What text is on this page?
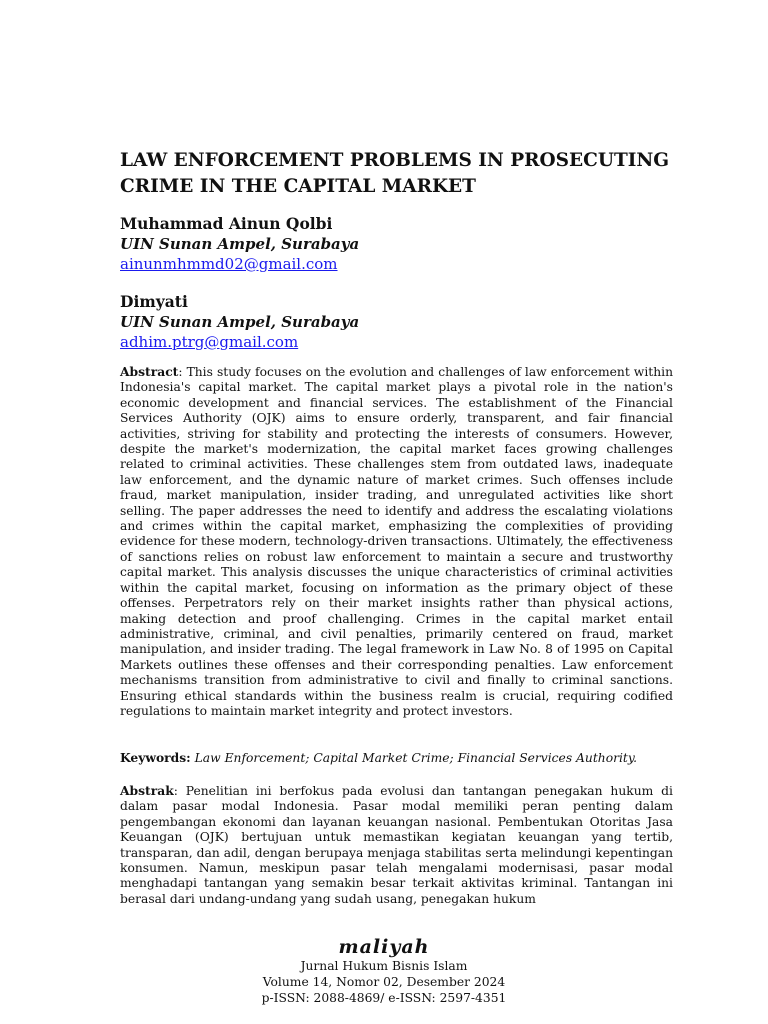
LAW ENFORCEMENT PROBLEMS IN PROSECUTING CRIME IN THE CAPITAL MARKET
Muhammad Ainun Qolbi
UIN Sunan Ampel, Surabaya
ainunmhmmd02@gmail.com
Dimyati
UIN Sunan Ampel, Surabaya
adhim.ptrg@gmail.com

Abstract: This study focuses on the evolution and challenges of law enforcement within Indonesia's capital market. The capital market plays a pivotal role in the nation's economic development and financial services. The establishment of the Financial Services Authority (OJK) aims to ensure orderly, transparent, and fair financial activities, striving for stability and protecting the interests of consumers. However, despite the market's modernization, the capital market faces growing challenges related to criminal activities. These challenges stem from outdated laws, inadequate law enforcement, and the dynamic nature of market crimes. Such offenses include fraud, market manipulation, insider trading, and unregulated activities like short selling. The paper addresses the need to identify and address the escalating violations and crimes within the capital market, emphasizing the complexities of providing evidence for these modern, technology-driven transactions. Ultimately, the effectiveness of sanctions relies on robust law enforcement to maintain a secure and trustworthy capital market. This analysis discusses the unique characteristics of criminal activities within the capital market, focusing on information as the primary object of these offenses. Perpetrators rely on their market insights rather than physical actions, making detection and proof challenging. Crimes in the capital market entail administrative, criminal, and civil penalties, primarily centered on fraud, market manipulation, and insider trading. The legal framework in Law No. 8 of 1995 on Capital Markets outlines these offenses and their corresponding penalties. Law enforcement mechanisms transition from administrative to civil and finally to criminal sanctions. Ensuring ethical standards within the business realm is crucial, requiring codified regulations to maintain market integrity and protect investors.

Keywords: Law Enforcement; Capital Market Crime; Financial Services Authority.

Abstrak: Penelitian ini berfokus pada evolusi dan tantangan penegakan hukum di dalam pasar modal Indonesia. Pasar modal memiliki peran penting dalam pengembangan ekonomi dan layanan keuangan nasional. Pembentukan Otoritas Jasa Keuangan (OJK) bertujuan untuk memastikan kegiatan keuangan yang tertib, transparan, dan adil, dengan berupaya menjaga stabilitas serta melindungi kepentingan konsumen. Namun, meskipun pasar telah mengalami modernisasi, pasar modal menghadapi tantangan yang semakin besar terkait aktivitas kriminal. Tantangan ini berasal dari undang-undang yang sudah usang, penegakan hukum

maliyah
Jurnal Hukum Bisnis Islam
Volume 14, Nomor 02, Desember 2024
p-ISSN: 2088-4869/ e-ISSN: 2597-4351
